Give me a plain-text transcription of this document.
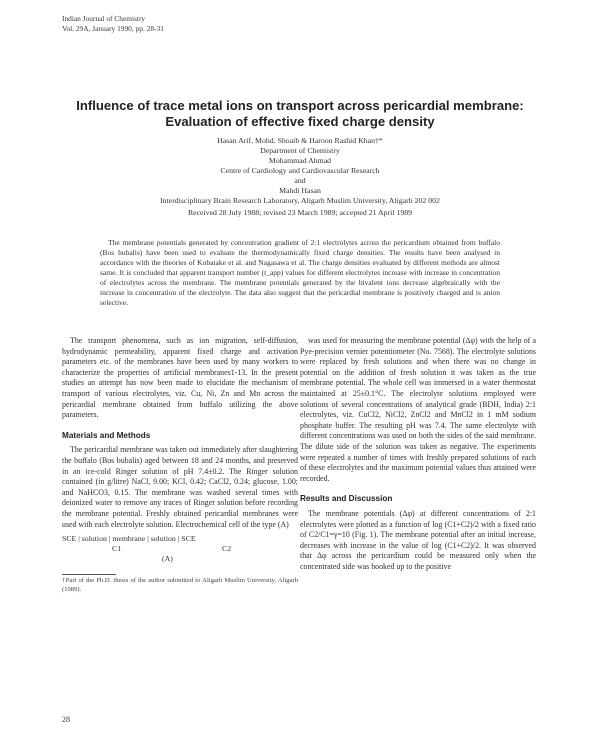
Indian Journal of Chemistry
Vol. 29A, January 1990, pp. 28-31
Influence of trace metal ions on transport across pericardial membrane:
Evaluation of effective fixed charge density
Hasan Arif, Mohd. Shoaib & Haroon Rashid Khan†*
Department of Chemistry
Mohammad Ahmad
Centre of Cardiology and Cardiovascular Research
and
Mahdi Hasan
Interdisciplinary Brain Research Laboratory, Aligarh Muslim University, Aligarh 202 002
Received 28 July 1988; revised 23 March 1989; accepted 21 April 1989
The membrane potentials generated by concentration gradient of 2:1 electrolytes across the pericardium obtained from buffalo (Bos bubalis) have been used to evaluate the thermodynamically fixed charge densities. The results have been analysed in accordance with the theories of Kobatake et al. and Nagasawa et al. The charge densities evaluated by different methods are almost same. It is concluded that apparent transport number (t_app) values for different electrolytes increase with increase in concentration of electrolytes across the membrane. The membrane potentials generated by the bivalent ions decrease algebraically with the increase in concentration of the electrolyte. The data also suggest that the pericardial membrane is positively charged and is anion selective.

The transport phenomena, such as ion migration, self-diffusion, hydrodynamic permeability, apparent fixed charge and activation parameters etc. of the membranes have been used by many workers to characterize the properties of artificial membranes1-13. In the present studies an attempt has now been made to elucidate the mechanism of transport of various electrolytes, viz. Cu, Ni, Zn and Mn across the pericardial membrane obtained from buffalo utilizing the above parameters.

Materials and Methods

The pericardial membrane was taken out immediately after slaughtering the buffalo (Bos bubalis) aged between 18 and 24 months, and preserved in an ice-cold Ringer solution of pH 7.4±0.2. The Ringer solution contained (in g/litre) NaCl, 9.00; KCl, 0.42; CaCl2, 0.24; glucose, 1.00; and NaHCO3, 0.15. The membrane was washed several times with deionized water to remove any traces of Ringer solution before recording the membrane potential. Freshly obtained pericardial membranes were used with each electrolyte solution. Electrochemical cell of the type (A)

SCE | solution | membrane | solution | SCE
C1	C2
(A)
†Part of the Ph.D. thesis of the author submitted to Aligarh Muslim University, Aligarh (1989).

was used for measuring the membrane potential (Δφ) with the help of a Pye-precision vernier potentiometer (No. 7568). The electrolyte solutions were replaced by fresh solutions and when there was no change in potential on the addition of fresh solution it was taken as the true membrane potential. The whole cell was immersed in a water thermostat maintained at 25±0.1°C. The electrolyte solutions employed were solutions of several concentrations of analytical grade (BDH, India) 2:1 electrolytes, viz. CuCl2, NiCl2, ZnCl2 and MnCl2 in 1 mM sodium phosphate buffer. The resulting pH was 7.4. The same electrolyte with different concentrations was used on both the sides of the said membrane. The dilute side of the solution was taken as negative. The experiments were repeated a number of times with freshly prepared solutions of each of these electrolytes and the maximum potential values thus attained were recorded.

Results and Discussion

The membrane potentials (Δφ) at different concentrations of 2:1 electrolytes were plotted as a function of log (C1+C2)/2 with a fixed ratio of C2/C1=γ=10 (Fig. 1). The membrane potential after an initial increase, decreases with increase in the value of log (C1+C2)/2. It was observed that Δφ across the pericardium could be measured only when the concentrated side was hooked up to the positive

28
